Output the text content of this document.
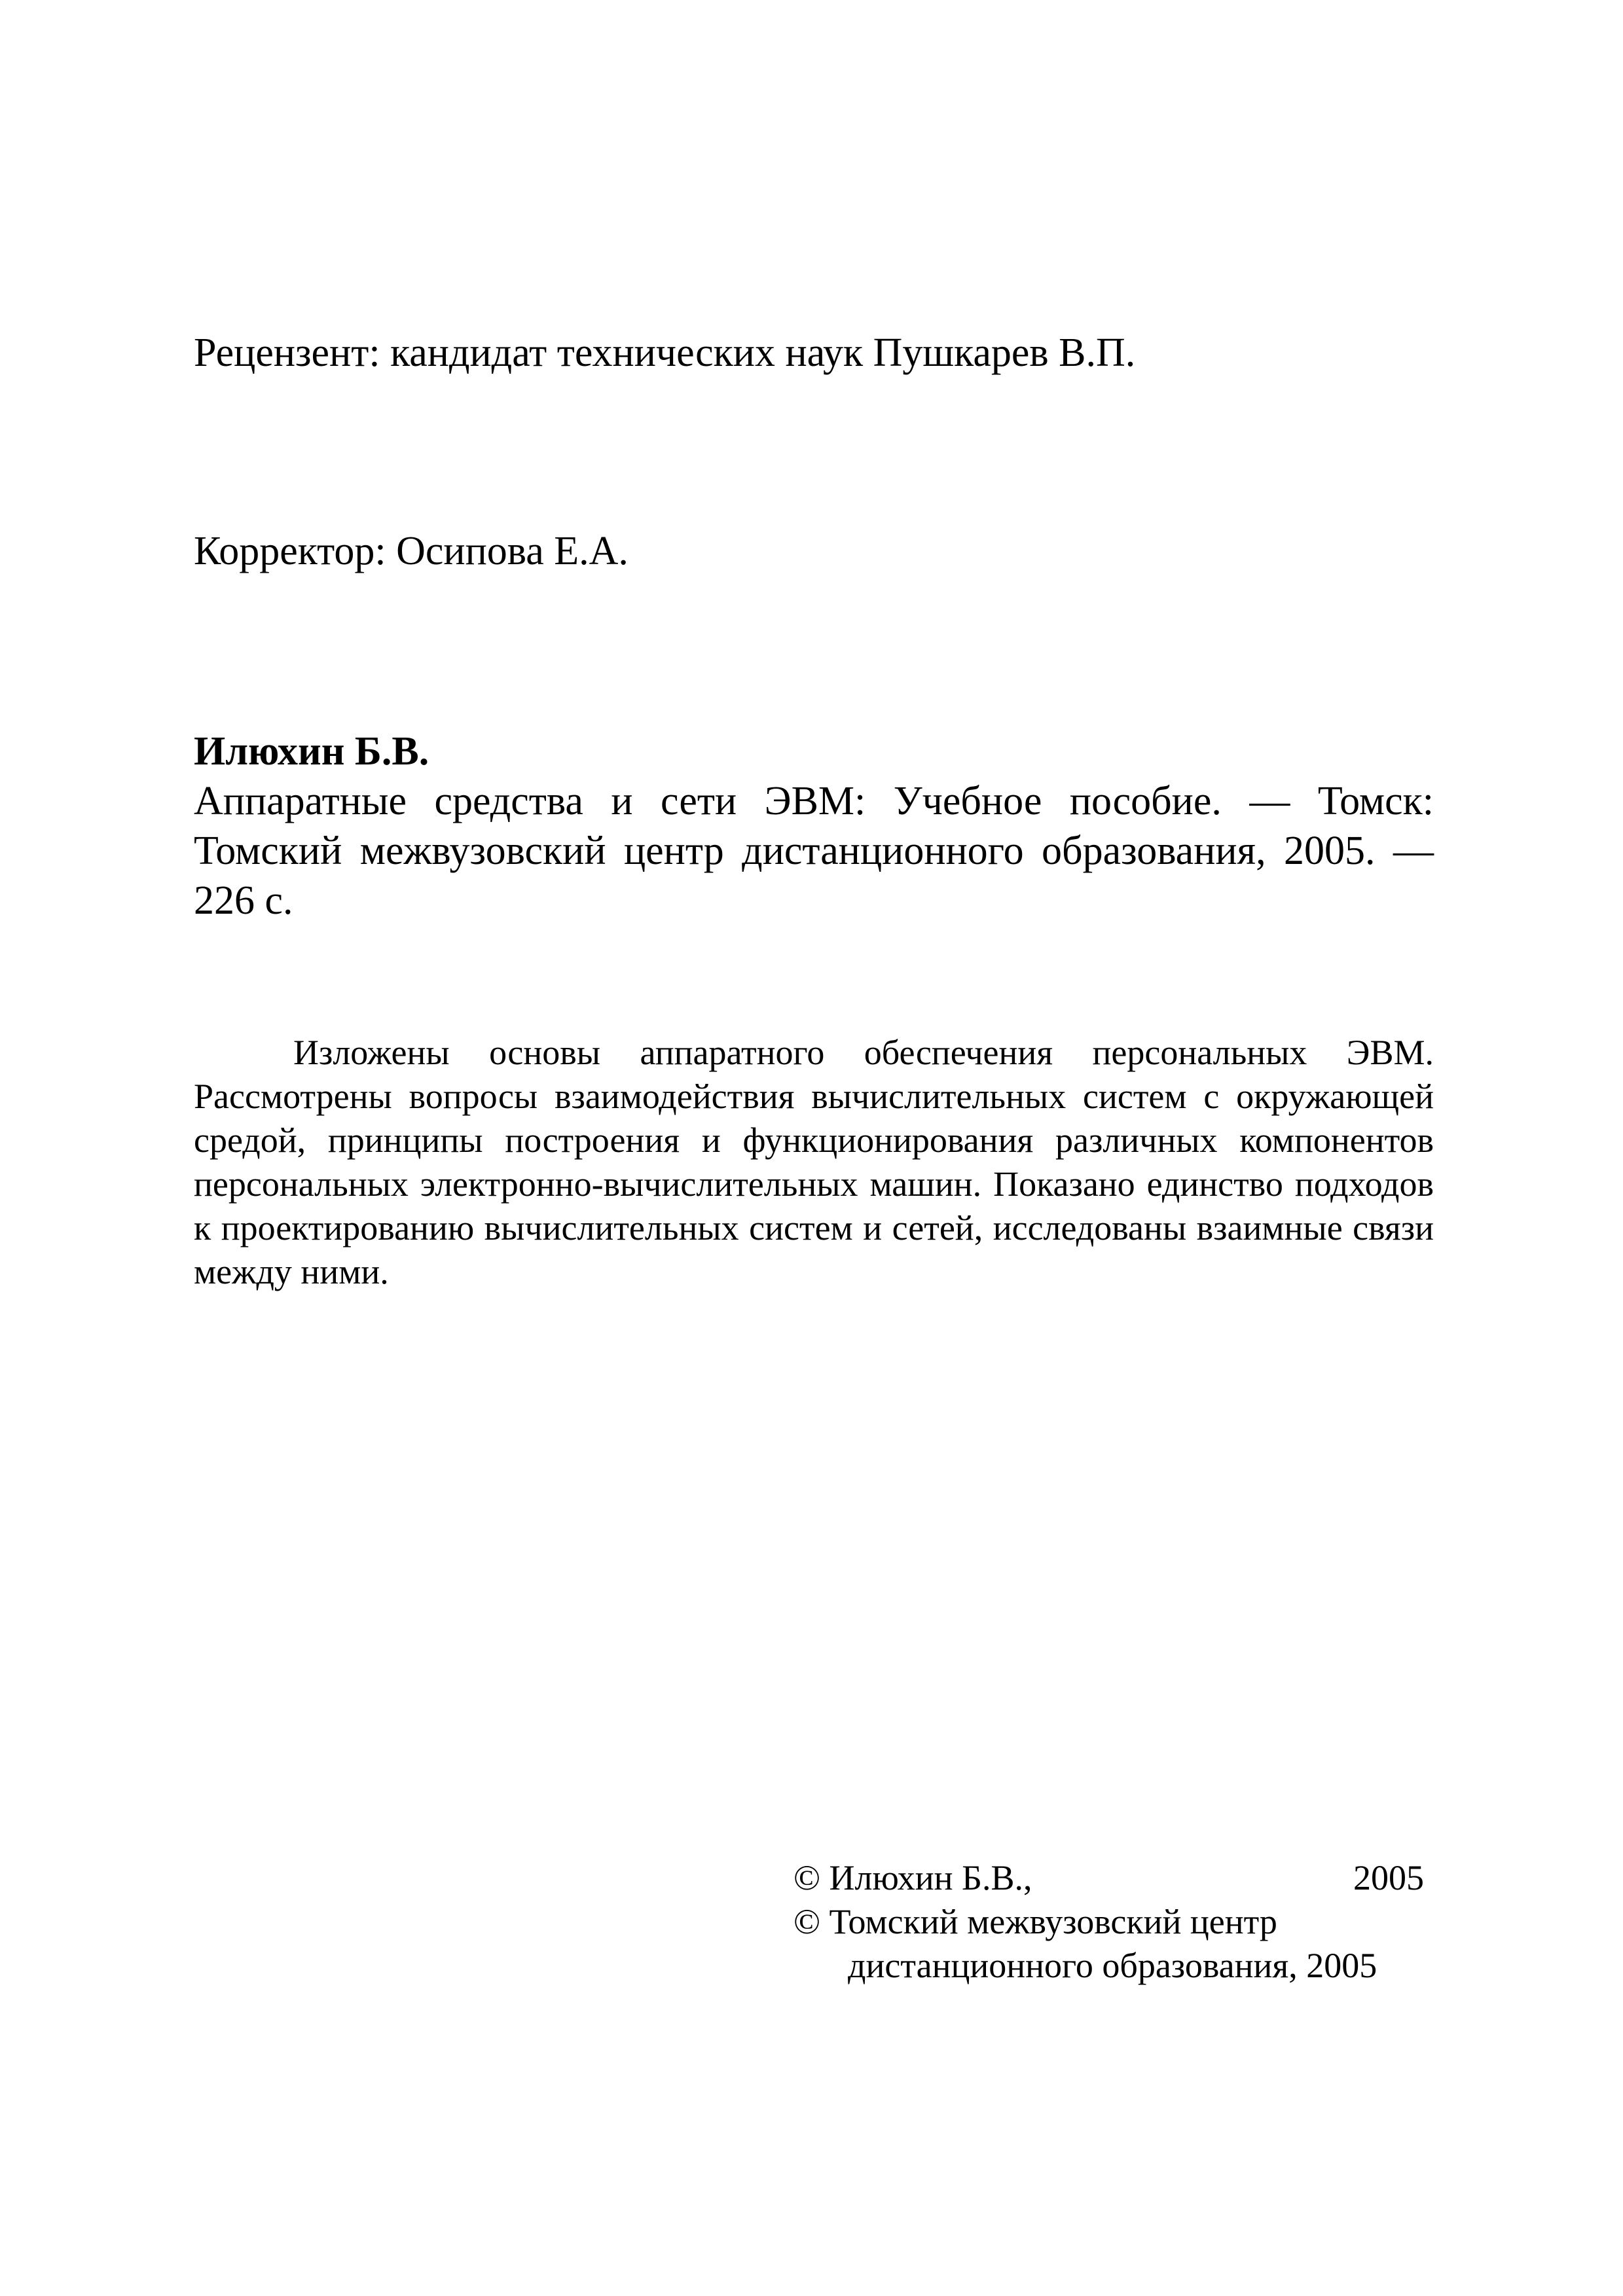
Рецензент: кандидат технических наук Пушкарев В.П.
Корректор: Осипова Е.А.
Илюхин Б.В.
Аппаратные средства и сети ЭВМ: Учебное пособие. — Томск: Томский межвузовский центр дистанционного образования, 2005. — 226 с.
Изложены основы аппаратного обеспечения персональных ЭВМ. Рассмотрены вопросы взаимодействия вычислительных систем с окружающей средой, принципы построения и функционирования различных компонентов персональных электронно-вычислительных машин. Показано единство подходов к проектированию вычислительных систем и сетей, исследованы взаимные связи между ними.
© Илюхин Б.В.,	2005
© Томский межвузовский центр
дистанционного образования, 2005
